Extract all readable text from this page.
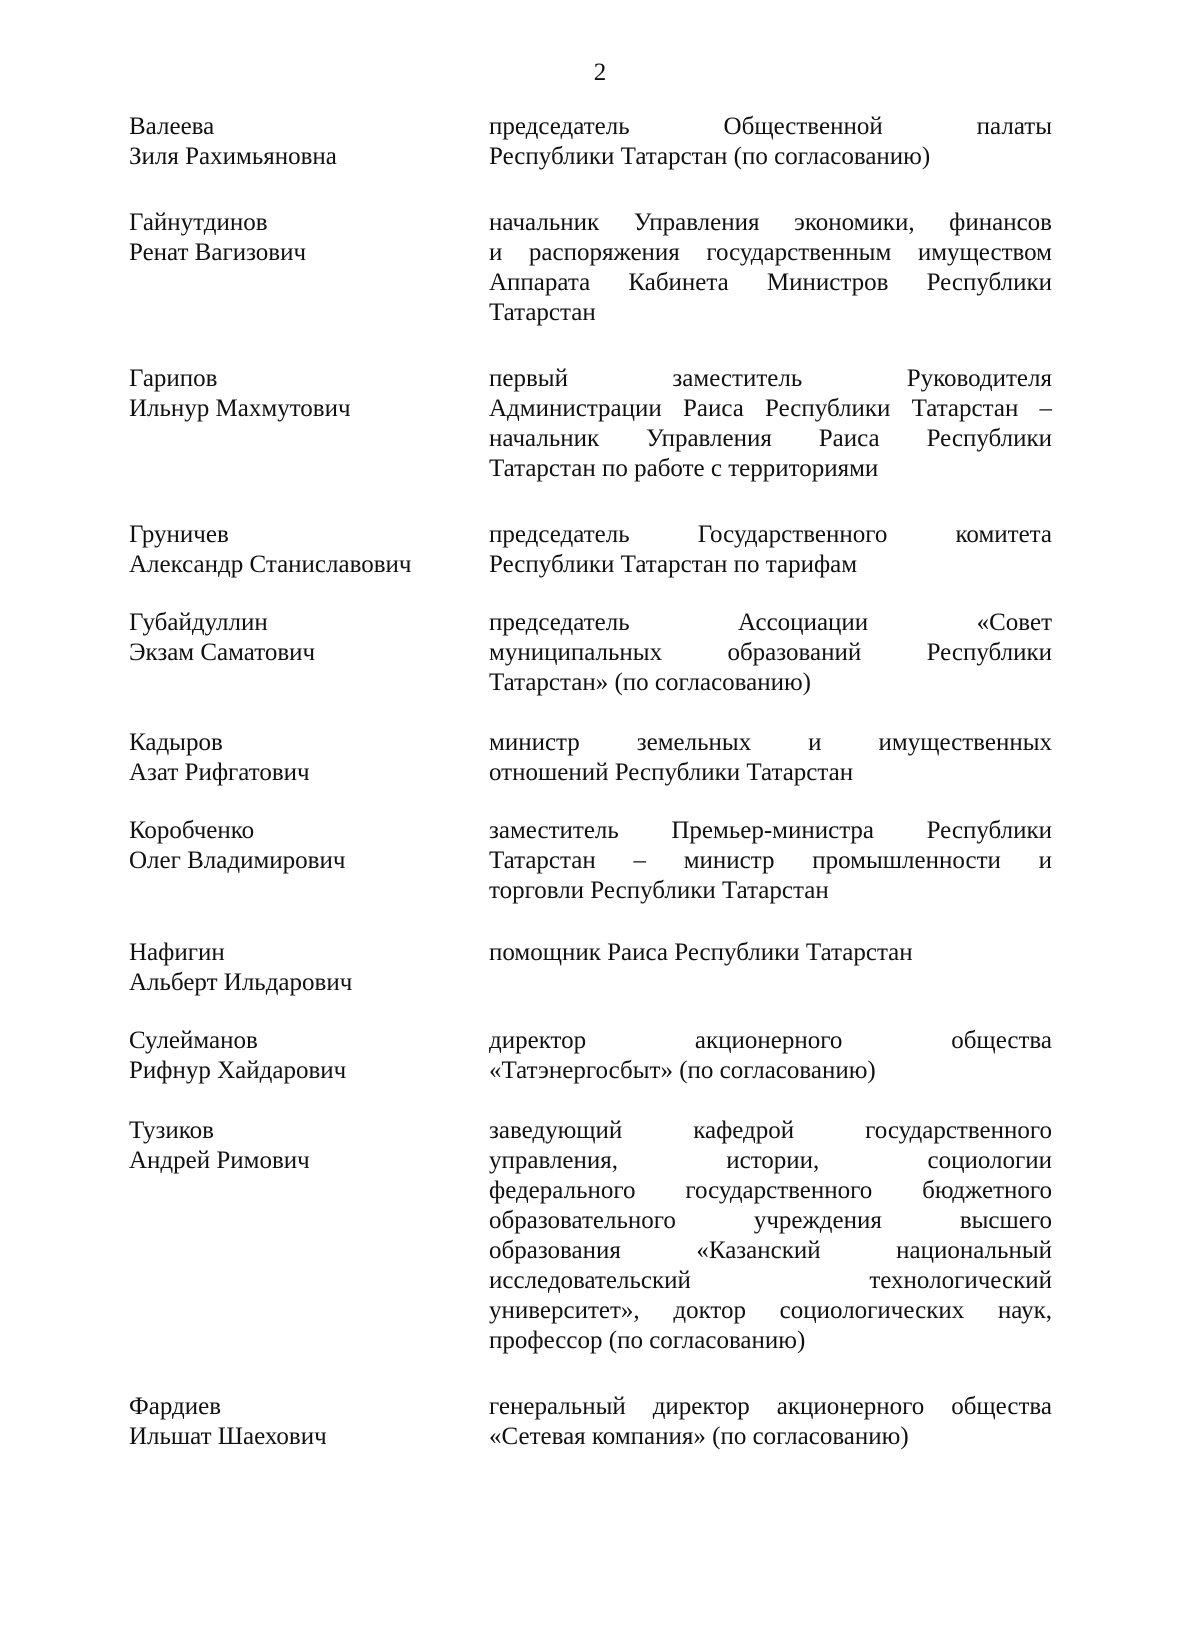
2
Валеева
Зиля Рахимьяновна
председатель Общественной палаты
Республики Татарстан (по согласованию)
Гайнутдинов
Ренат Вагизович
начальник Управления экономики, финансов
и распоряжения государственным имуществом
Аппарата Кабинета Министров Республики
Татарстан
Гарипов
Ильнур Махмутович
первый заместитель Руководителя
Администрации Раиса Республики Татарстан –
начальник Управления Раиса Республики
Татарстан по работе с территориями
Груничев
Александр Станиславович
председатель Государственного комитета
Республики Татарстан по тарифам
Губайдуллин
Экзам Саматович
председатель Ассоциации «Совет
муниципальных образований Республики
Татарстан» (по согласованию)
Кадыров
Азат Рифгатович
министр земельных и имущественных
отношений Республики Татарстан
Коробченко
Олег Владимирович
заместитель Премьер-министра Республики
Татарстан – министр промышленности и
торговли Республики Татарстан
Нафигин
Альберт Ильдарович
помощник Раиса Республики Татарстан
Сулейманов
Рифнур Хайдарович
директор акционерного общества
«Татэнергосбыт» (по согласованию)
Тузиков
Андрей Римович
заведующий кафедрой государственного
управления, истории, социологии
федерального государственного бюджетного
образовательного учреждения высшего
образования «Казанский национальный
исследовательский технологический
университет», доктор социологических наук,
профессор (по согласованию)
Фардиев
Ильшат Шаехович
генеральный директор акционерного общества
«Сетевая компания» (по согласованию)
